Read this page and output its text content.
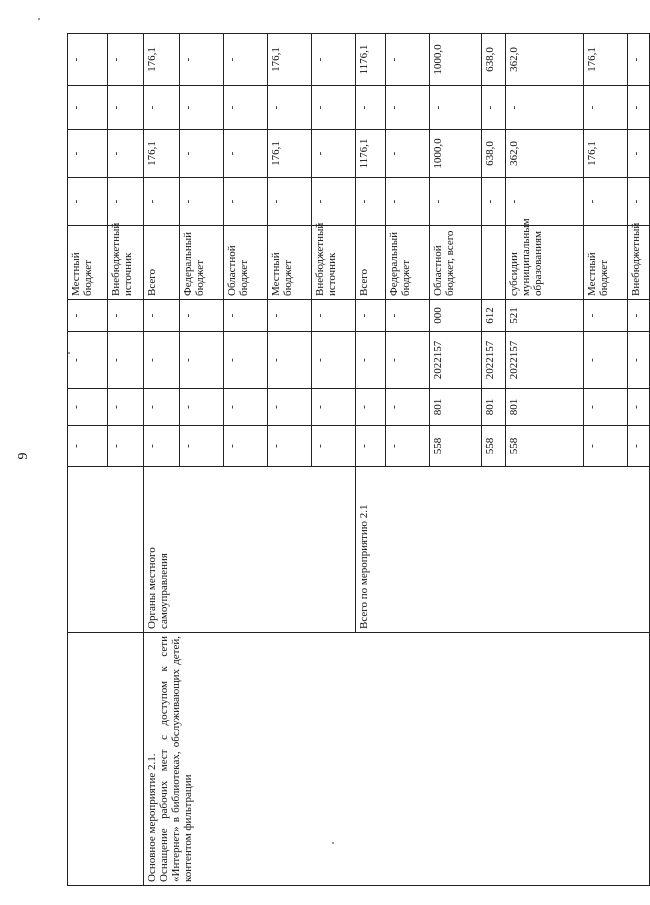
9
		-	-	-	-	Местный бюджет	-	-	-	-
		-	-	-	-	Внебюджетный источник	-	-	-	-

Основное мероприятие 2.1. Оснащение рабочих мест с доступом к сети «Интернет» в библиотеках, обслуживающих детей, контентом фильтрации	Органы местного самоуправления	-	-	-	-	Всего	-	176,1	-	176,1
		-	-	-	-	Федеральный бюджет	-	-	-	-
		-	-	-	-	Областной бюджет	-	-	-	-
		-	-	-	-	Местный бюджет	-	176,1	-	176,1
		-	-	-	-	Внебюджетный источник	-	-	-	-
	Всего по мероприятию 2.1	-	-	-	-	Всего	-	1176,1	-	1176,1
		-	-	-	-	Федеральный бюджет	-	-	-	-
		558	801	2022157	000	Областной бюджет, всего	-	1000,0	-	1000,0
		558	801	2022157	612		-	638,0	-	638,0
		558	801	2022157	521	субсидии муниципальным образованиям	-	362,0	-	362,0
		-	-	-	-	Местный бюджет	-	176,1	-	176,1
		-	-	-	-	Внебюджетный	-	-	-	-
